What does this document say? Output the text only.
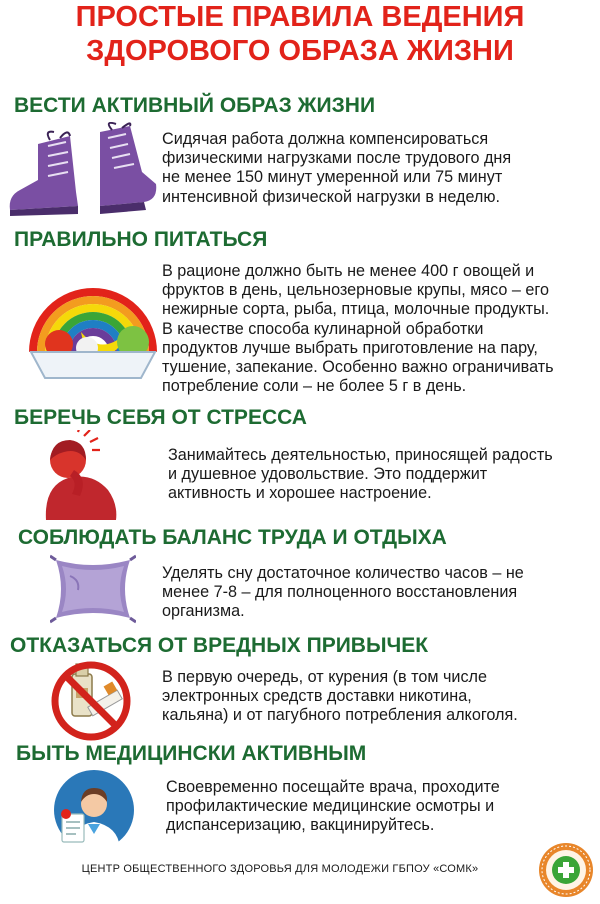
ПРОСТЫЕ ПРАВИЛА ВЕДЕНИЯ
ЗДОРОВОГО ОБРАЗА ЖИЗНИ
ВЕСТИ АКТИВНЫЙ ОБРАЗ ЖИЗНИ
Сидячая работа должна компенсироваться
физическими нагрузками после трудового дня
не менее 150 минут умеренной или 75 минут
интенсивной физической нагрузки в неделю.
ПРАВИЛЬНО ПИТАТЬСЯ
В рационе должно быть не менее 400 г овощей и
фруктов в день, цельнозерновые крупы, мясо – его
нежирные сорта, рыба, птица, молочные продукты.
В качестве способа кулинарной обработки
продуктов лучше выбрать приготовление на пару,
тушение, запекание. Особенно важно ограничивать
потребление соли – не более 5 г в день.
БЕРЕЧЬ СЕБЯ ОТ СТРЕССА
Занимайтесь деятельностью, приносящей радость
и душевное удовольствие. Это поддержит
активность и хорошее настроение.
СОБЛЮДАТЬ БАЛАНС ТРУДА И ОТДЫХА
Уделять сну достаточное количество часов – не
менее 7-8 – для полноценного восстановления
организма.
ОТКАЗАТЬСЯ ОТ ВРЕДНЫХ ПРИВЫЧЕК
В первую очередь, от курения (в том числе
электронных средств доставки никотина,
кальяна) и от пагубного потребления алкоголя.
БЫТЬ МЕДИЦИНСКИ АКТИВНЫМ
Своевременно посещайте врача, проходите
профилактические медицинские осмотры и
диспансеризацию, вакцинируйтесь.
ЦЕНТР ОБЩЕСТВЕННОГО ЗДОРОВЬЯ ДЛЯ МОЛОДЕЖИ ГБПОУ «СОМК»
